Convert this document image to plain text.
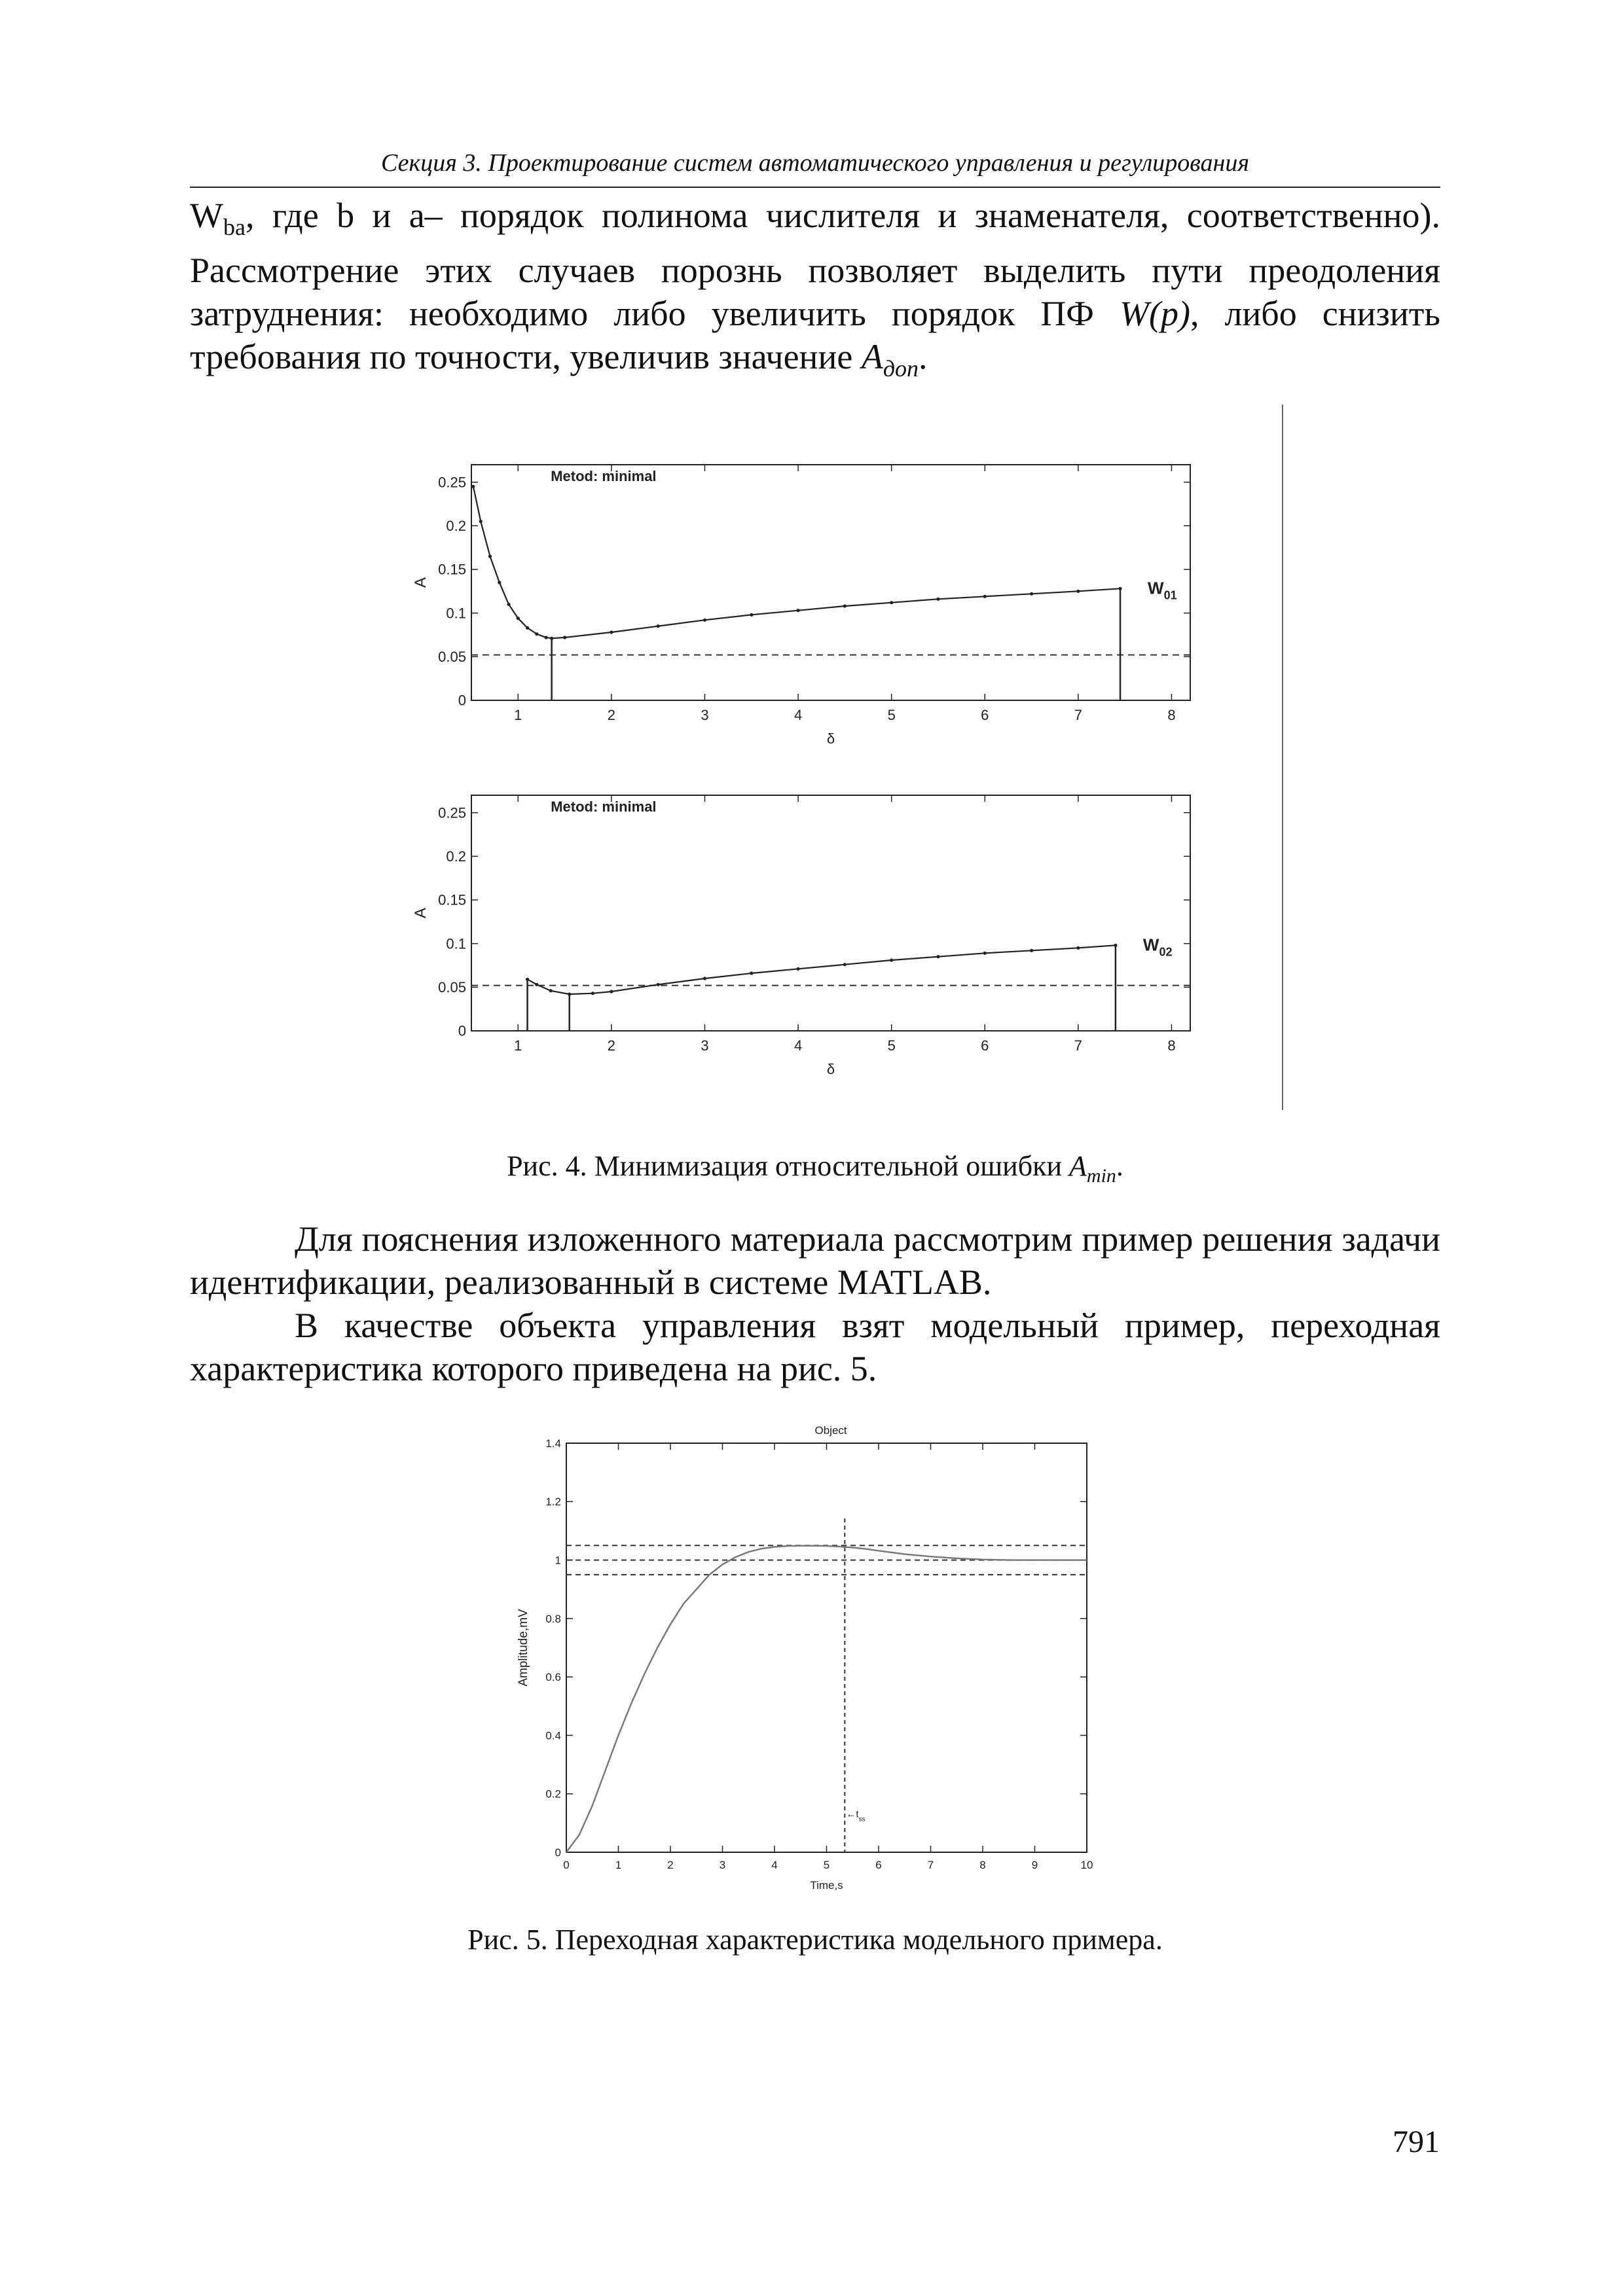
Секция 3. Проектирование систем автоматического управления и регулирования

$W_{ba}$, где b и a– порядок полинома числителя и знаменателя, соответственно). Рассмотрение этих случаев порознь позволяет выделить пути преодоления затруднения: необходимо либо увеличить порядок ПФ W(p), либо снизить требования по точности, увеличив значение $A_{доп}$.

1	2	3	4	5	6	7	8
0
0.05
0.1
0.15
0.2
0.25
δ
A
Metod: minimal
$W_{01}$
1	2	3	4	5	6	7	8
0
0.05
0.1
0.15
0.2
0.25
δ
A
Metod: minimal
$W_{02}$
Рис. 4. Минимизация относительной ошибки $A_{min}$.

Для пояснения изложенного материала рассмотрим пример решения задачи идентификации, реализованный в системе MATLAB.

В качестве объекта управления взят модельный пример, переходная характеристика которого приведена на рис. 5.

0	1	2	3	4	5	6	7	8	9	10
0
0.2
0.4
0.6
0.8
1
1.2
1.4
Time,s
Amplitude,mV
Object
$\leftarrow t_{ss}$
Рис. 5. Переходная характеристика модельного примера.
791
